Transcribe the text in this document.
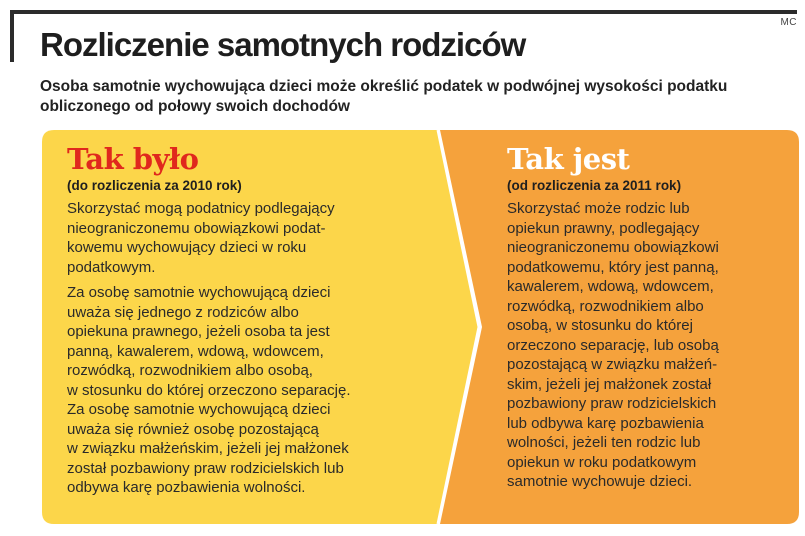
MC
Rozliczenie samotnych rodziców

Osoba samotnie wychowująca dzieci może określić podatek w podwójnej wysokości podatku obliczonego od połowy swoich dochodów

Tak było
(do rozliczenia za 2010 rok)

Skorzystać mogą podatnicy podlegający
nieograniczonemu obowiązkowi podat-
kowemu wychowujący dzieci w roku
podatkowym.

Za osobę samotnie wychowującą dzieci
uważa się jednego z rodziców albo
opiekuna prawnego, jeżeli osoba ta jest
panną, kawalerem, wdową, wdowcem,
rozwódką, rozwodnikiem albo osobą,
w stosunku do której orzeczono separację.
Za osobę samotnie wychowującą dzieci
uważa się również osobę pozostającą
w związku małżeńskim, jeżeli jej małżonek
został pozbawiony praw rodzicielskich lub
odbywa karę pozbawienia wolności.

Tak jest
(od rozliczenia za 2011 rok)

Skorzystać może rodzic lub
opiekun prawny, podlegający
nieograniczonemu obowiązkowi
podatkowemu, który jest panną,
kawalerem, wdową, wdowcem,
rozwódką, rozwodnikiem albo
osobą, w stosunku do której
orzeczono separację, lub osobą
pozostającą w związku małżeń-
skim, jeżeli jej małżonek został
pozbawiony praw rodzicielskich
lub odbywa karę pozbawienia
wolności, jeżeli ten rodzic lub
opiekun w roku podatkowym
samotnie wychowuje dzieci.
